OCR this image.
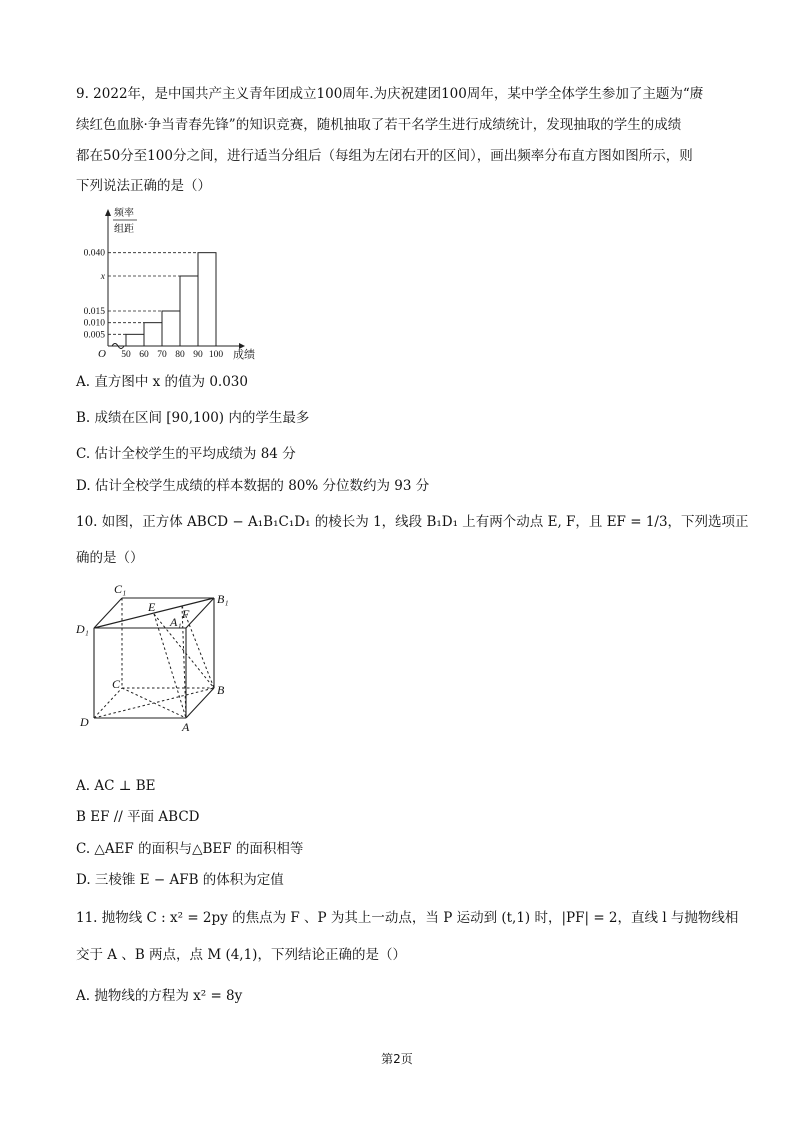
9. 2022年，是中国共产主义青年团成立100周年.为庆祝建团100周年，某中学全体学生参加了主题为“赓
续红色血脉·争当青春先锋”的知识竞赛，随机抽取了若干名学生进行成绩统计，发现抽取的学生的成绩
都在50分至100分之间，进行适当分组后（每组为左闭右开的区间），画出频率分布直方图如图所示，则
下列说法正确的是（）
0.005
0.010
0.015
x
0.040
50 60 70 80 90 100
O
频率
组距
成绩
A. 直方图中 x 的值为 0.030
B. 成绩在区间 [90,100) 内的学生最多
C. 估计全校学生的平均成绩为 84 分
D. 估计全校学生成绩的样本数据的 80% 分位数约为 93 分
10. 如图，正方体 ABCD − A₁B₁C₁D₁ 的棱长为 1，线段 B₁D₁ 上有两个动点 E, F，且 EF = 1/3，下列选项正
确的是（）
C₁
B₁
D₁	A₁
E F
C	B
D	A
A. AC ⊥ BE
B EF // 平面 ABCD
C. △AEF 的面积与△BEF 的面积相等
D. 三棱锥 E − AFB 的体积为定值
11. 抛物线 C : x² = 2py 的焦点为 F 、P 为其上一动点，当 P 运动到 (t,1) 时，|PF| = 2，直线 l 与抛物线相
交于 A 、B 两点，点 M (4,1)，下列结论正确的是（）
A. 抛物线的方程为 x² = 8y
第2页
